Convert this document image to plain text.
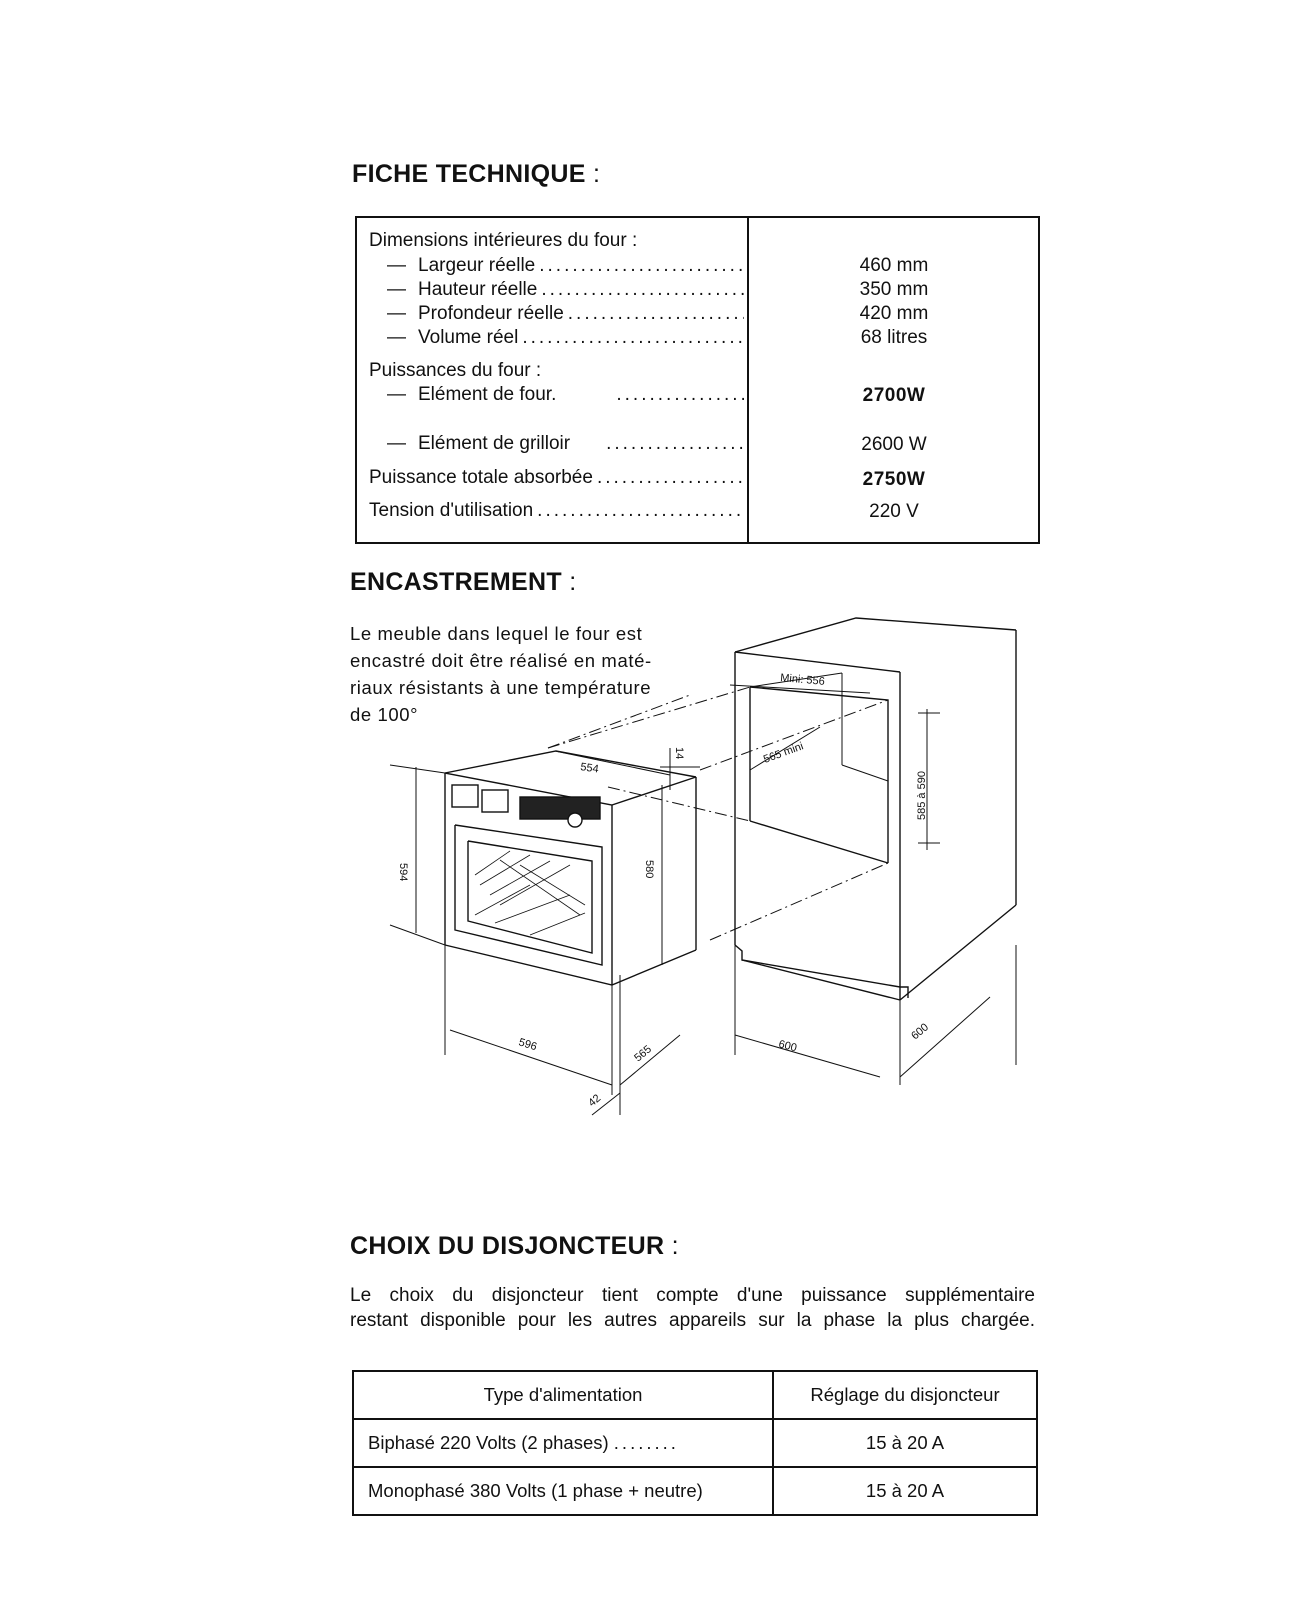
FICHE TECHNIQUE :
Dimensions intérieures du four :
— Largeur réelle .....	460 mm
— Hauteur réelle .....	350 mm
— Profondeur réelle .....	420 mm
— Volume réel .....	68 litres
Puissances du four :
— Elément de four. .....	2700W
— Elément de grilloir .....	2600 W
Puissance totale absorbée .....	2750W
Tension d'utilisation .....	220 V
ENCASTREMENT :
Le meuble dans lequel le four est
encastré doit être réalisé en maté-
riaux résistants à une température
de 100°
554
14
594	580
596	565
42
Mini: 556
565 mini
585 à 590
600
600
CHOIX DU DISJONCTEUR :

Le choix du disjoncteur tient compte d'une puissance supplémentaire

restant disponible pour les autres appareils sur la phase la plus chargée.

Type d'alimentation	Réglage du disjoncteur
Biphasé 220 Volts (2 phases) ........	15 à 20 A
Monophasé 380 Volts (1 phase + neutre)	15 à 20 A
